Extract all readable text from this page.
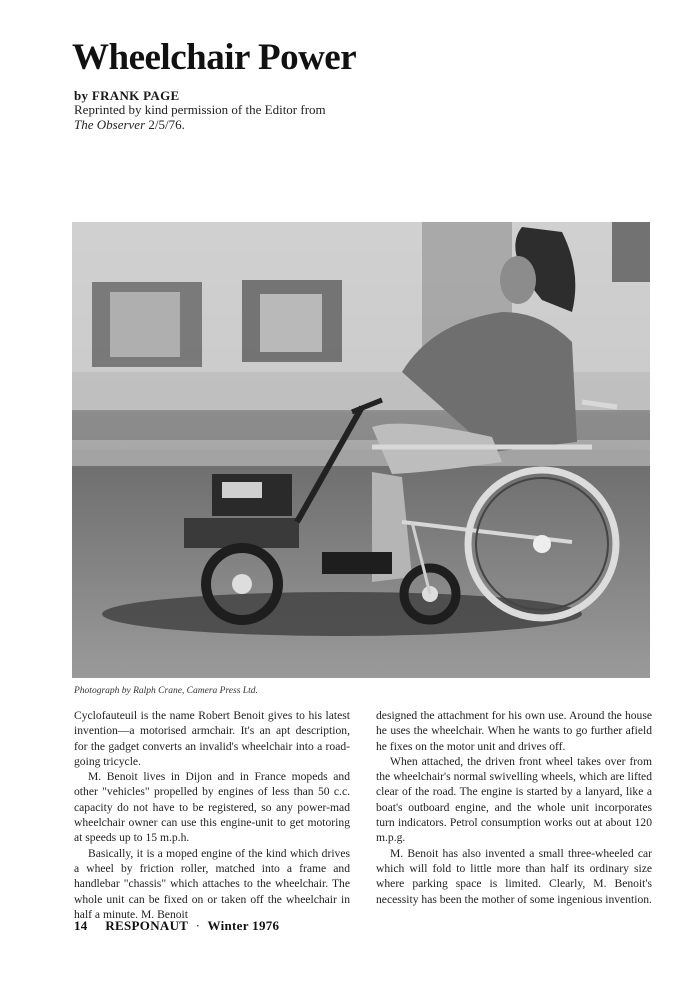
Wheelchair Power
by FRANK PAGE
Reprinted by kind permission of the Editor from
The Observer 2/5/76.
Photograph by Ralph Crane, Camera Press Ltd.

Cyclofauteuil is the name Robert Benoit gives to his latest invention—a motorised armchair. It's an apt description, for the gadget converts an invalid's wheelchair into a road-going tricycle.

M. Benoit lives in Dijon and in France mopeds and other "vehicles" propelled by engines of less than 50 c.c. capacity do not have to be registered, so any power-mad wheelchair owner can use this engine-unit to get motoring at speeds up to 15 m.p.h.

Basically, it is a moped engine of the kind which drives a wheel by friction roller, matched into a frame and handlebar "chassis" which attaches to the wheelchair. The whole unit can be fixed on or taken off the wheelchair in half a minute. M. Benoit

designed the attachment for his own use. Around the house he uses the wheelchair. When he wants to go further afield he fixes on the motor unit and drives off.

When attached, the driven front wheel takes over from the wheelchair's normal swivelling wheels, which are lifted clear of the road. The engine is started by a lanyard, like a boat's outboard engine, and the whole unit incorporates turn indicators. Petrol consumption works out at about 120 m.p.g.

M. Benoit has also invented a small three-wheeled car which will fold to little more than half its ordinary size where parking space is limited. Clearly, M. Benoit's necessity has been the mother of some ingenious invention.

14 RESPONAUT · Winter 1976
